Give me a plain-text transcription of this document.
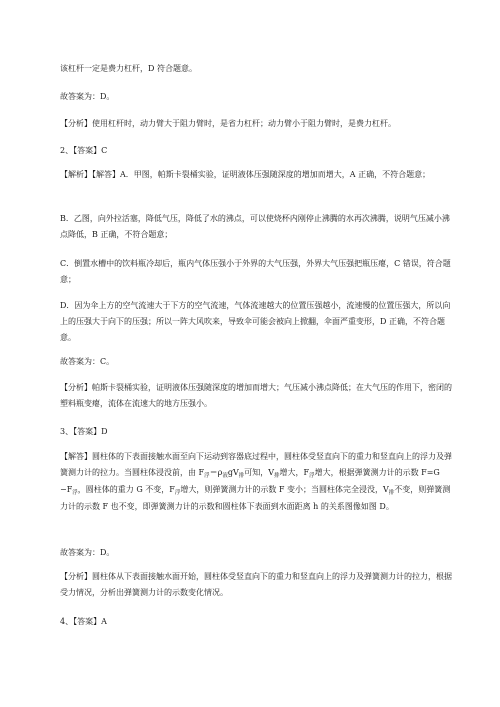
该杠杆一定是费力杠杆，D 符合题意。
故答案为：D。
【分析】使用杠杆时，动力臂大于阻力臂时，是省力杠杆；动力臂小于阻力臂时，是费力杠杆。
2、【答案】C
【解析】【解答】A．甲图，帕斯卡裂桶实验，证明液体压强随深度的增加而增大，A 正确，不符合题意；
B．乙图，向外拉活塞，降低气压，降低了水的沸点，可以使烧杯内刚停止沸腾的水再次沸腾，说明气压减小沸点降低，B 正确，不符合题意；
C．倒置水槽中的饮料瓶冷却后，瓶内气体压强小于外界的大气压强，外界大气压强把瓶压瘪，C 错误，符合题意；
D．因为伞上方的空气流速大于下方的空气流速，气体流速越大的位置压强越小，流速慢的位置压强大，所以向上的压强大于向下的压强；所以一阵大风吹来，导致伞可能会被向上掀翻，伞面严重变形，D 正确，不符合题意。
故答案为：C。
【分析】帕斯卡裂桶实验，证明液体压强随深度的增加而增大；气压减小沸点降低；在大气压的作用下，密闭的塑料瓶变瘪，流体在流速大的地方压强小。
3、【答案】D
【解答】圆柱体的下表面接触水面至向下运动到容器底过程中，圆柱体受竖直向下的重力和竖直向上的浮力及弹簧测力计的拉力。当圆柱体浸没前，由 $F_浮=\rho_液gV_排$可知，$V_排$增大，$F_浮$增大，根据弹簧测力计的示数 $F=G-F_浮$，圆柱体的重力 G 不变，$F_浮$增大，则弹簧测力计的示数 F 变小；当圆柱体完全浸没，$V_排$不变，则弹簧测力计的示数 F 也不变，即弹簧测力计的示数和圆柱体下表面到水面距离 h 的关系图像如图 D。
故答案为：D。
【分析】圆柱体从下表面接触水面开始，圆柱体受竖直向下的重力和竖直向上的浮力及弹簧测力计的拉力，根据受力情况，分析出弹簧测力计的示数变化情况。
4、【答案】A
